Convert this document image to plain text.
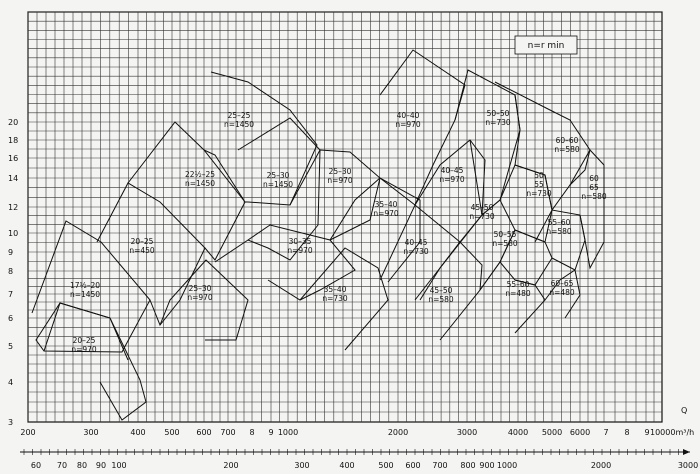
17½–20
n=1450
20–25
n=970
20–25
n=450
22½–25
n=1450
25–25
n=1450
25–30
n=970
25–30
n=1450
25–30
n=970
30–35
n=970
35–40
n=730
35–40
n=970
40–40
n=970
40–45
n=970
40–45
n=730
45–50
n=580
45–50
n=730
50–50
n=730
50–55
n=580
50
55
n=730
55–60
n=480
55–60
n=580
60–60
n=580
60
65
n=580
60–65
n=480
3
4
5
6
7
8
9
10
12
14
16
18
20
200	300	400 500 600 700 8 9 1000	2000	3000	4000 5000 6000 7 8 9 10000m³/h
60 70 80 90 100	200	300	400	500 600 700 800 900 1000	2000	3000
n=r min
Q
